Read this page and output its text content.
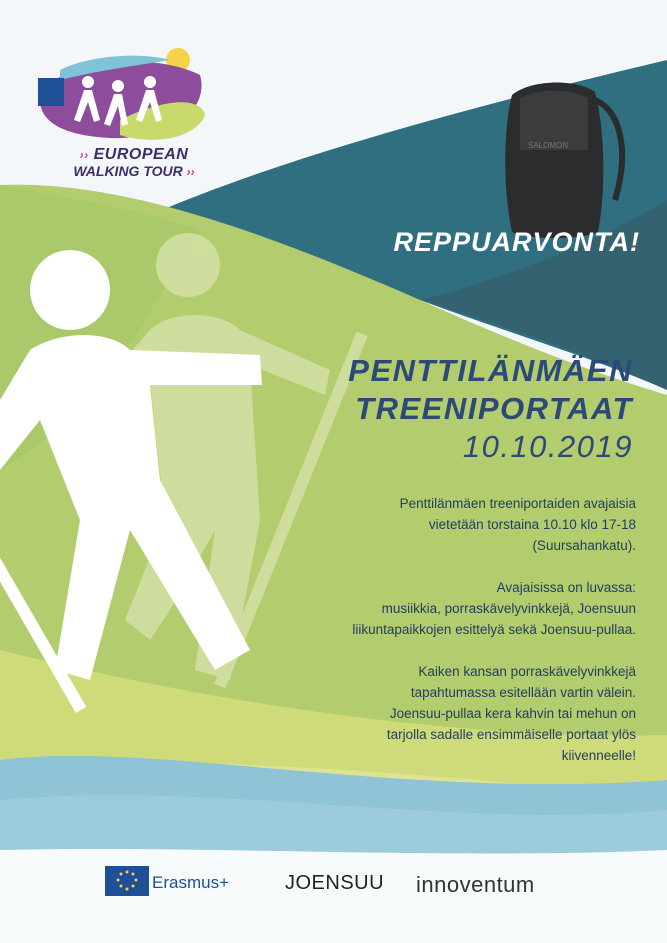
SALOMON
›› EUROPEAN
WALKING TOUR ››
REPPUARVONTA!
PENTTILÄNMÄEN
TREENIPORTAAT
10.10.2019

Penttilänmäen treeniportaiden avajaisia
vietetään torstaina 10.10 klo 17-18
(Suursahankatu).

Avajaisissa on luvassa:
musiikkia, porraskävelyvinkkejä, Joensuun
liikuntapaikkojen esittelyä sekä Joensuu-pullaa.

Kaiken kansan porraskävelyvinkkejä
tapahtumassa esitellään vartin välein.
Joensuu-pullaa kera kahvin tai mehun on
tarjolla sadalle ensimmäiselle portaat ylös
kiivenneelle!

Erasmus+	JOENSUU innoventum
